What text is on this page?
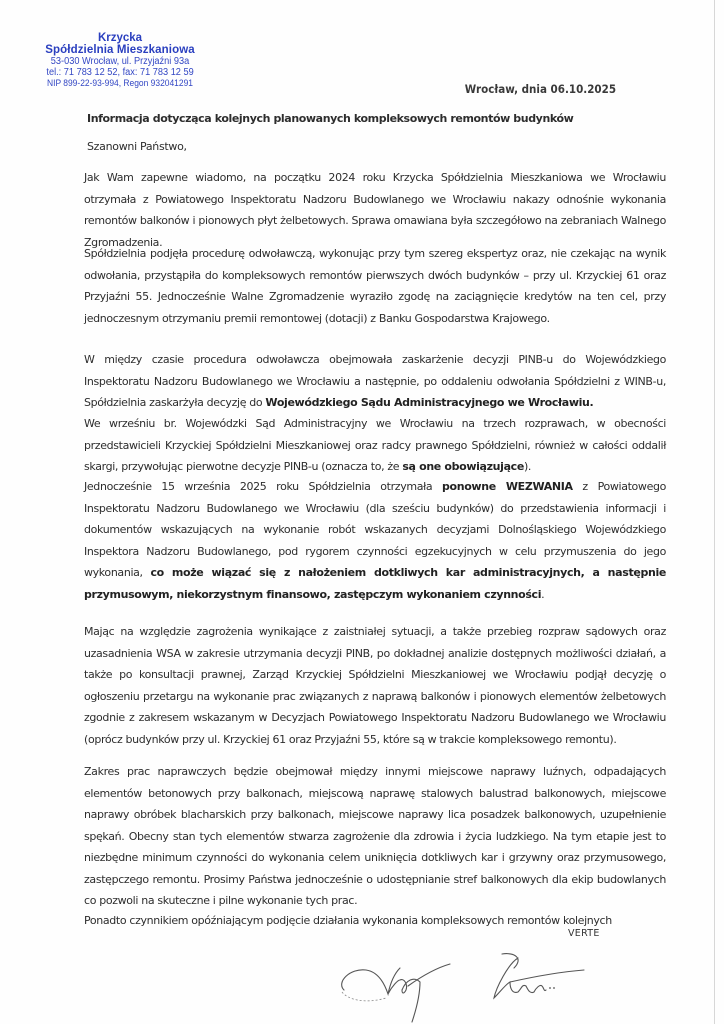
Krzycka
Spółdzielnia Mieszkaniowa
53-030 Wrocław, ul. Przyjaźni 93a
tel.: 71 783 12 52, fax: 71 783 12 59
NIP 899-22-93-994, Regon 932041291	Wrocław, dnia 06.10.2025
Informacja dotycząca kolejnych planowanych kompleksowych remontów budynków
Szanowni Państwo,
Jak Wam zapewne wiadomo, na początku 2024 roku Krzycka Spółdzielnia Mieszkaniowa we Wrocławiu otrzymała z Powiatowego Inspektoratu Nadzoru Budowlanego we Wrocławiu nakazy odnośnie wykonania remontów balkonów i pionowych płyt żelbetowych. Sprawa omawiana była szczegółowo na zebraniach Walnego Zgromadzenia.
Spółdzielnia podjęła procedurę odwoławczą, wykonując przy tym szereg ekspertyz oraz, nie czekając na wynik odwołania, przystąpiła do kompleksowych remontów pierwszych dwóch budynków – przy ul. Krzyckiej 61 oraz Przyjaźni 55. Jednocześnie Walne Zgromadzenie wyraziło zgodę na zaciągnięcie kredytów na ten cel, przy jednoczesnym otrzymaniu premii remontowej (dotacji) z Banku Gospodarstwa Krajowego.
W między czasie procedura odwoławcza obejmowała zaskarżenie decyzji PINB-u do Wojewódzkiego Inspektoratu Nadzoru Budowlanego we Wrocławiu a następnie, po oddaleniu odwołania Spółdzielni z WINB-u, Spółdzielnia zaskarżyła decyzję do Wojewódzkiego Sądu Administracyjnego we Wrocławiu.
We wrześniu br. Wojewódzki Sąd Administracyjny we Wrocławiu na trzech rozprawach, w obecności przedstawicieli Krzyckiej Spółdzielni Mieszkaniowej oraz radcy prawnego Spółdzielni, również w całości oddalił skargi, przywołując pierwotne decyzje PINB-u (oznacza to, że są one obowiązujące).
Jednocześnie 15 września 2025 roku Spółdzielnia otrzymała ponowne WEZWANIA z Powiatowego Inspektoratu Nadzoru Budowlanego we Wrocławiu (dla sześciu budynków) do przedstawienia informacji i dokumentów wskazujących na wykonanie robót wskazanych decyzjami Dolnośląskiego Wojewódzkiego Inspektora Nadzoru Budowlanego, pod rygorem czynności egzekucyjnych w celu przymuszenia do jego wykonania, co może wiązać się z nałożeniem dotkliwych kar administracyjnych, a następnie przymusowym, niekorzystnym finansowo, zastępczym wykonaniem czynności.
Mając na względzie zagrożenia wynikające z zaistniałej sytuacji, a także przebieg rozpraw sądowych oraz uzasadnienia WSA w zakresie utrzymania decyzji PINB, po dokładnej analizie dostępnych możliwości działań, a także po konsultacji prawnej, Zarząd Krzyckiej Spółdzielni Mieszkaniowej we Wrocławiu podjął decyzję o ogłoszeniu przetargu na wykonanie prac związanych z naprawą balkonów i pionowych elementów żelbetowych zgodnie z zakresem wskazanym w Decyzjach Powiatowego Inspektoratu Nadzoru Budowlanego we Wrocławiu (oprócz budynków przy ul. Krzyckiej 61 oraz Przyjaźni 55, które są w trakcie kompleksowego remontu).
Zakres prac naprawczych będzie obejmował między innymi miejscowe naprawy luźnych, odpadających elementów betonowych przy balkonach, miejscową naprawę stalowych balustrad balkonowych, miejscowe naprawy obróbek blacharskich przy balkonach, miejscowe naprawy lica posadzek balkonowych, uzupełnienie spękań. Obecny stan tych elementów stwarza zagrożenie dla zdrowia i życia ludzkiego. Na tym etapie jest to niezbędne minimum czynności do wykonania celem uniknięcia dotkliwych kar i grzywny oraz przymusowego, zastępczego remontu. Prosimy Państwa jednocześnie o udostępnianie stref balkonowych dla ekip budowlanych co pozwoli na skuteczne i pilne wykonanie tych prac.
Ponadto czynnikiem opóźniającym podjęcie działania wykonania kompleksowych remontów kolejnych
VERTE
